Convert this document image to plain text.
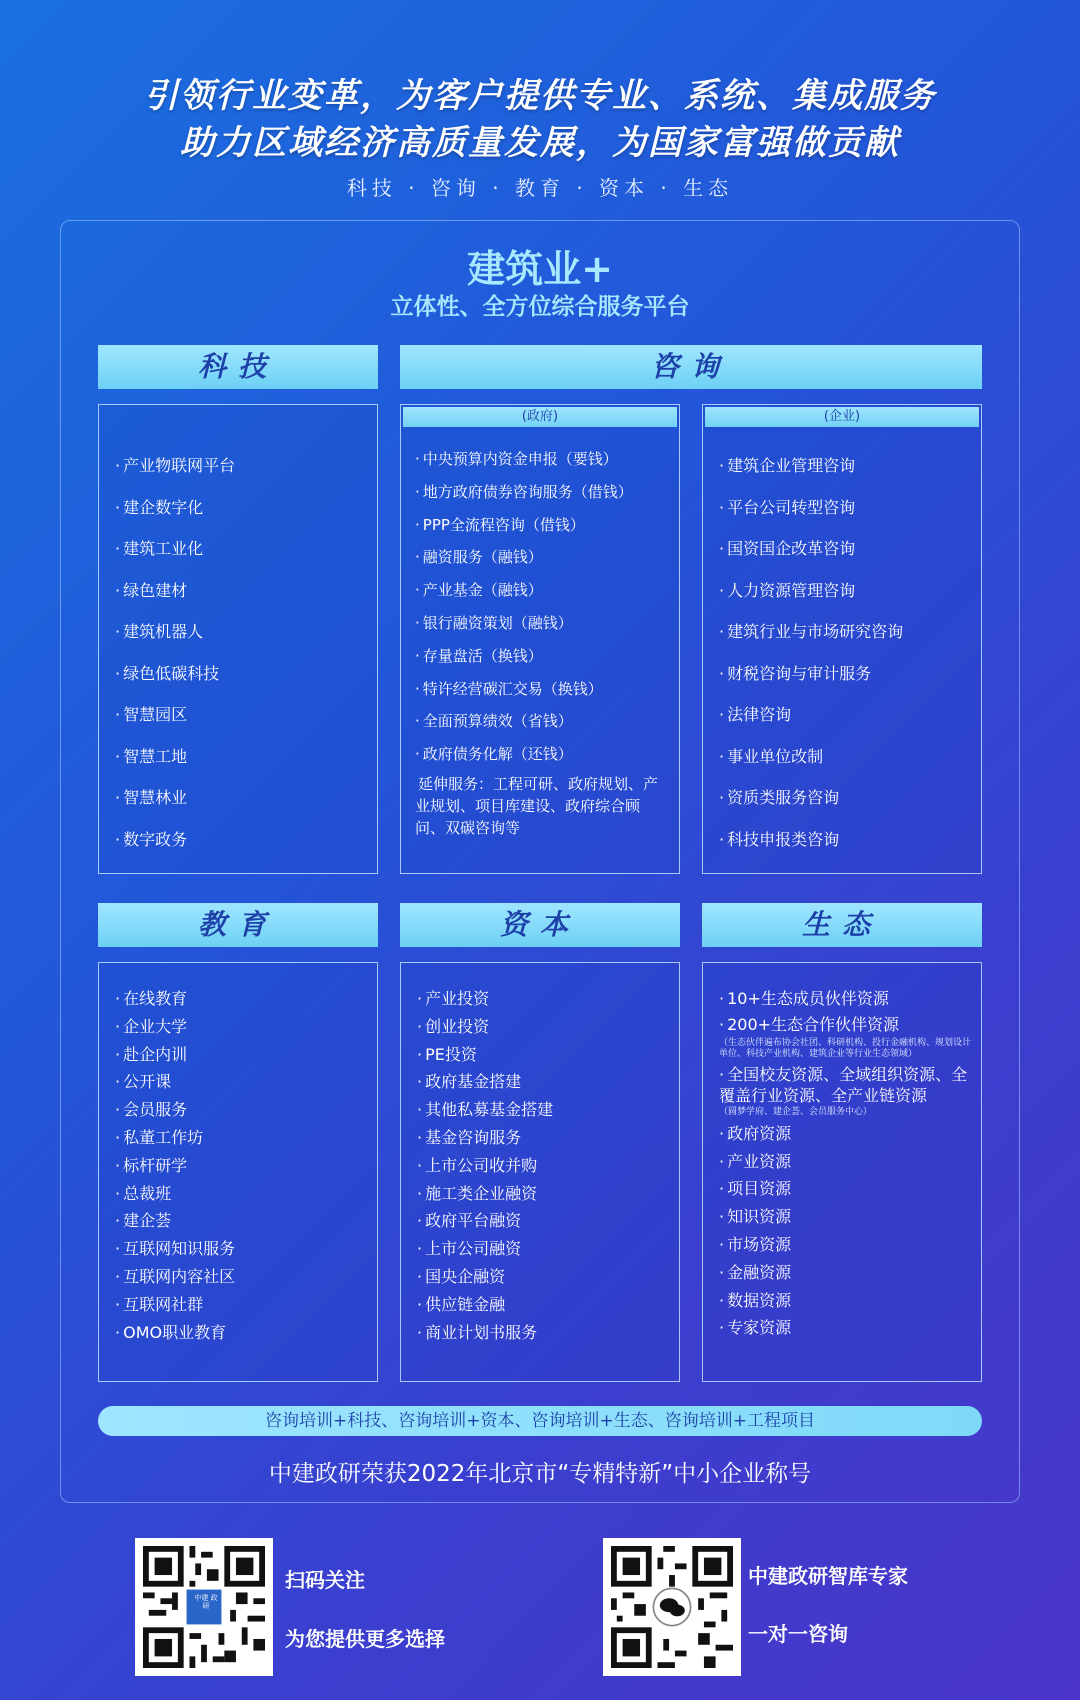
引领行业变革，为客户提供专业、系统、集成服务
助力区域经济高质量发展，为国家富强做贡献
科技 · 咨询 · 教育 · 资本 · 生态
建筑业+
立体性、全方位综合服务平台
科技	咨询
· 产业物联网平台
· 建企数字化
· 建筑工业化
· 绿色建材
· 建筑机器人
· 绿色低碳科技
· 智慧园区
· 智慧工地
· 智慧林业
· 数字政务
(政府)
· 中央预算内资金申报（要钱）
· 地方政府债券咨询服务（借钱）
· PPP全流程咨询（借钱）
· 融资服务（融钱）
· 产业基金（融钱）
· 银行融资策划（融钱）
· 存量盘活（换钱）
· 特许经营碳汇交易（换钱）
· 全面预算绩效（省钱）
· 政府债务化解（还钱）
延伸服务：工程可研、政府规划、产业规划、项目库建设、政府综合顾问、双碳咨询等
(企业)
· 建筑企业管理咨询
· 平台公司转型咨询
· 国资国企改革咨询
· 人力资源管理咨询
· 建筑行业与市场研究咨询
· 财税咨询与审计服务
· 法律咨询
· 事业单位改制
· 资质类服务咨询
· 科技申报类咨询
教育	资本	生态
· 在线教育
· 企业大学
· 赴企内训
· 公开课
· 会员服务
· 私董工作坊
· 标杆研学
· 总裁班
· 建企荟
· 互联网知识服务
· 互联网内容社区
· 互联网社群
· OMO职业教育
· 产业投资
· 创业投资
· PE投资
· 政府基金搭建
· 其他私募基金搭建
· 基金咨询服务
· 上市公司收并购
· 施工类企业融资
· 政府平台融资
· 上市公司融资
· 国央企融资
· 供应链金融
· 商业计划书服务
· 10+生态成员伙伴资源
· 200+生态合作伙伴资源
（生态伙伴遍布协会社团、科研机构、投行金融机构、规划设计单位、科技产业机构、建筑企业等行业生态领域）
· 全国校友资源、全域组织资源、全覆盖行业资源、全产业链资源
（圆梦学府、建企荟、会员服务中心）
· 政府资源
· 产业资源
· 项目资源
· 知识资源
· 市场资源
· 金融资源
· 数据资源
· 专家资源
咨询培训+科技、咨询培训+资本、咨询培训+生态、咨询培训+工程项目
中建政研荣获2022年北京市“专精特新”中小企业称号
中建 政研
扫码关注
为您提供更多选择
中建政研智库专家
一对一咨询
